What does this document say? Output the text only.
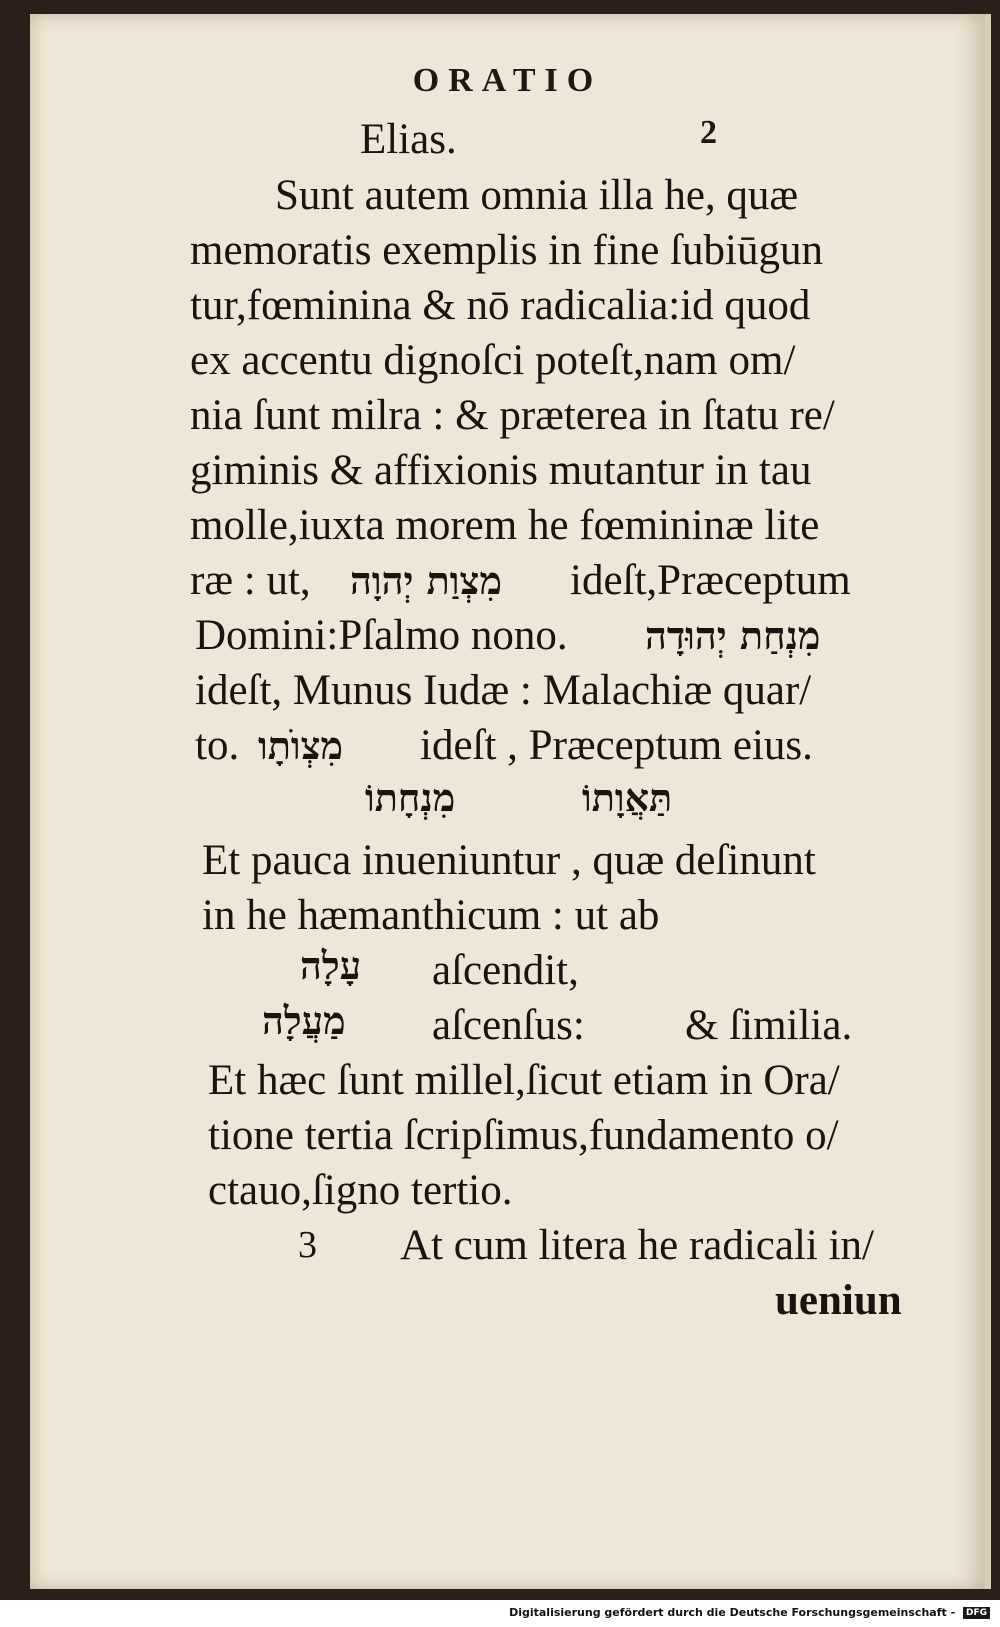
ORATIO
Elias.	2
Sunt autem omnia illa he, quæ
memoratis exemplis in fine ſubiūgun
tur,fœminina & nō radicalia:id quod
ex accentu dignoſci poteſt,nam om/
nia ſunt milra : & præterea in ſtatu re/
giminis & affixionis mutantur in tau
molle,iuxta morem he fœmininæ lite
ræ : ut, מִצְוַת יְהוָה ideſt,Præceptum
Domini:Pſalmo nono. מִנְחַת יְהוּדָה
ideſt, Munus Iudæ : Malachiæ quar/
to. מִצְוֺתָו ideſt , Præceptum eius.
מִנְחָתוֹ	תַּאֲוָתוֹ
Et pauca inueniuntur , quæ deſinunt
in he hæmanthicum : ut ab
עָלָה aſcendit,
מַעֲלָה aſcenſus: & ſimilia.
Et hæc ſunt millel,ſicut etiam in Ora/
tione tertia ſcripſimus,fundamento o/
ctauo,ſigno tertio.
3 At cum litera he radicali in/
ueniun
Digitalisierung gefördert durch die Deutsche Forschungsgemeinschaft - DFG
